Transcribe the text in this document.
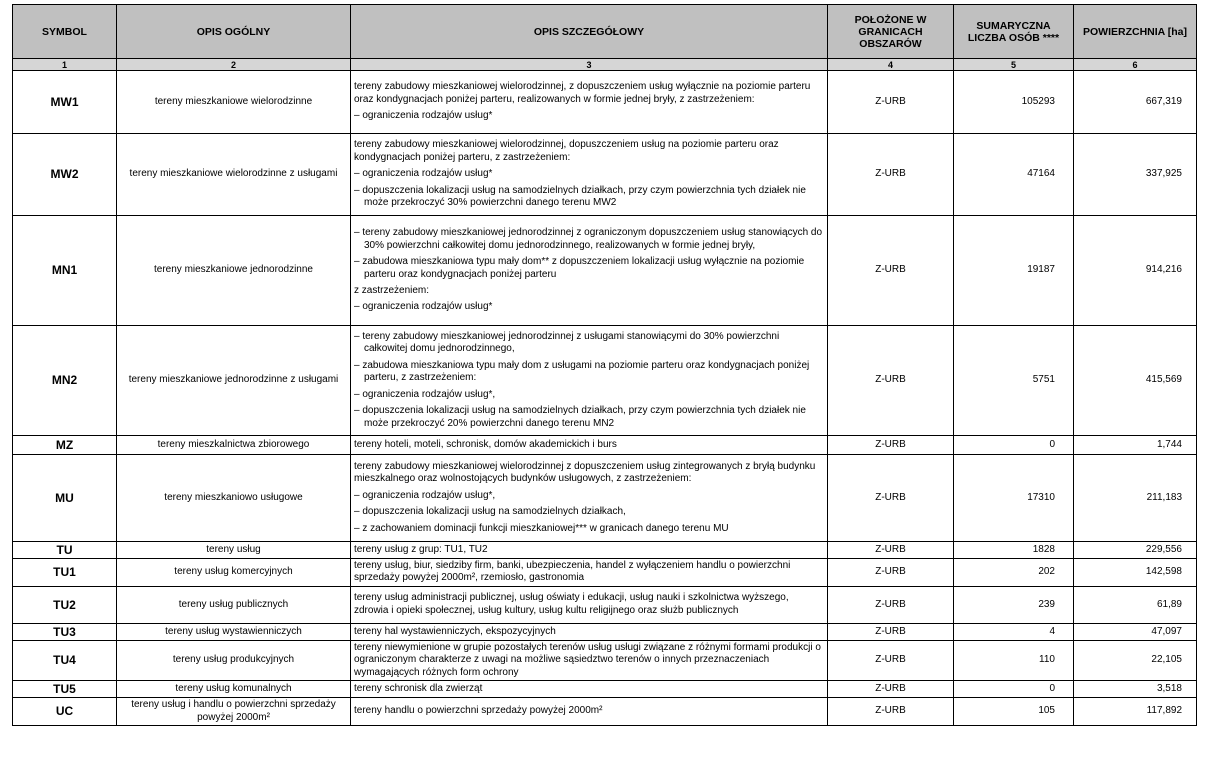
SYMBOL	OPIS OGÓLNY	OPIS SZCZEGÓŁOWY	POŁOŻONE W GRANICACH OBSZARÓW	SUMARYCZNA LICZBA OSÓB ****	POWIERZCHNIA [ha]
1	2	3	4	5	6
MW1	tereny mieszkaniowe wielorodzinne	tereny zabudowy mieszkaniowej wielorodzinnej, z dopuszczeniem usług wyłącznie na poziomie parteru oraz kondygnacjach poniżej parteru, realizowanych w formie jednej bryły, z zastrzeżeniem:
– ograniczenia rodzajów usług*	Z-URB	105293	667,319
MW2	tereny mieszkaniowe wielorodzinne z usługami	tereny zabudowy mieszkaniowej wielorodzinnej, dopuszczeniem usług na poziomie parteru oraz kondygnacjach poniżej parteru, z zastrzeżeniem:
– ograniczenia rodzajów usług*
– dopuszczenia lokalizacji usług na samodzielnych działkach, przy czym powierzchnia tych działek nie może przekroczyć 30% powierzchni danego terenu MW2	Z-URB	47164	337,925
MN1	tereny mieszkaniowe jednorodzinne	– tereny zabudowy mieszkaniowej jednorodzinnej z ograniczonym dopuszczeniem usług stanowiących do 30% powierzchni całkowitej domu jednorodzinnego, realizowanych w formie jednej bryły,
– zabudowa mieszkaniowa typu mały dom** z dopuszczeniem lokalizacji usług wyłącznie na poziomie parteru oraz kondygnacjach poniżej parteru
z zastrzeżeniem:
– ograniczenia rodzajów usług*	Z-URB	19187	914,216
MN2	tereny mieszkaniowe jednorodzinne z usługami	– tereny zabudowy mieszkaniowej jednorodzinnej z usługami stanowiącymi do 30% powierzchni całkowitej domu jednorodzinnego,
– zabudowa mieszkaniowa typu mały dom z usługami na poziomie parteru oraz kondygnacjach poniżej parteru, z zastrzeżeniem:
– ograniczenia rodzajów usług*,
– dopuszczenia lokalizacji usług na samodzielnych działkach, przy czym powierzchnia tych działek nie może przekroczyć 20% powierzchni danego terenu MN2	Z-URB	5751	415,569
MZ	tereny mieszkalnictwa zbiorowego	tereny hoteli, moteli, schronisk, domów akademickich i burs	Z-URB	0	1,744
MU	tereny mieszkaniowo usługowe	tereny zabudowy mieszkaniowej wielorodzinnej z dopuszczeniem usług zintegrowanych z bryłą budynku mieszkalnego oraz wolnostojących budynków usługowych, z zastrzeżeniem:
– ograniczenia rodzajów usług*,
– dopuszczenia lokalizacji usług na samodzielnych działkach,
– z zachowaniem dominacji funkcji mieszkaniowej*** w granicach danego terenu MU	Z-URB	17310	211,183
TU	tereny usług	tereny usług z grup: TU1, TU2	Z-URB	1828	229,556
TU1	tereny usług komercyjnych	tereny usług, biur, siedziby firm, banki, ubezpieczenia, handel z wyłączeniem handlu o powierzchni sprzedaży powyżej 2000m², rzemiosło, gastronomia	Z-URB	202	142,598
TU2	tereny usług publicznych	tereny usług administracji publicznej, usług oświaty i edukacji, usług nauki i szkolnictwa wyższego, zdrowia i opieki społecznej, usług kultury, usług kultu religijnego oraz służb publicznych	Z-URB	239	61,89
TU3	tereny usług wystawienniczych	tereny hal wystawienniczych, ekspozycyjnych	Z-URB	4	47,097
TU4	tereny usług produkcyjnych	tereny niewymienione w grupie pozostałych terenów usług usługi związane z różnymi formami produkcji o ograniczonym charakterze z uwagi na możliwe sąsiedztwo terenów o innych przeznaczeniach wymagających różnych form ochrony	Z-URB	110	22,105
TU5	tereny usług komunalnych	tereny schronisk dla zwierząt	Z-URB	0	3,518
UC	tereny usług i handlu o powierzchni sprzedaży powyżej 2000m²	tereny handlu o powierzchni sprzedaży powyżej 2000m²	Z-URB	105	117,892
